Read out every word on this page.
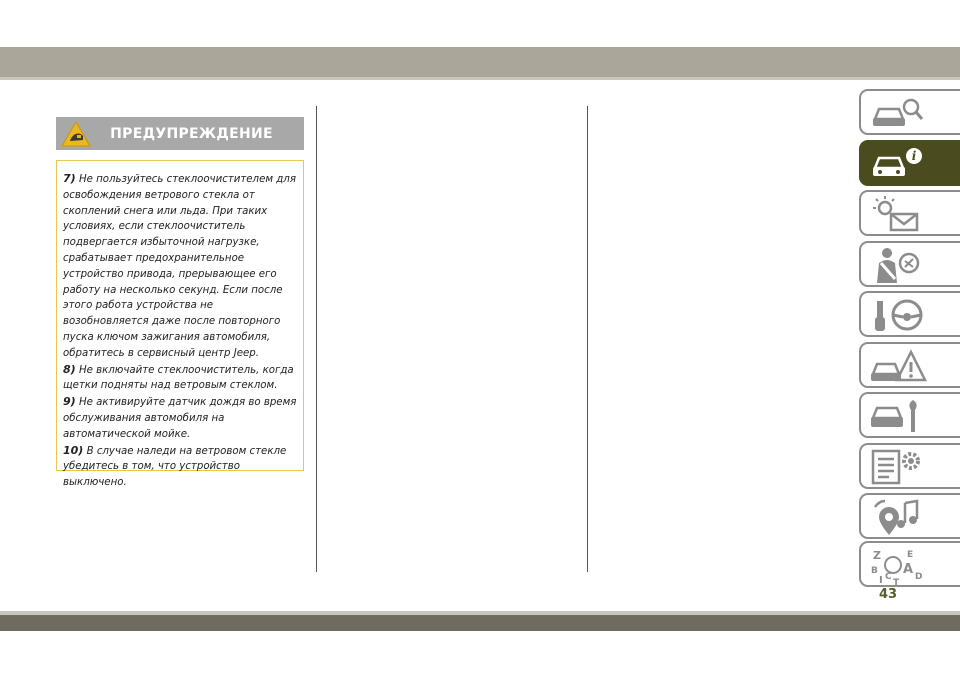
ПРЕДУПРЕЖДЕНИЕ

7) Не пользуйтесь стеклоочистителем для освобождения ветрового стекла от скоплений снега или льда. При таких условиях, если стеклоочиститель подвергается избыточной нагрузке, срабатывает предохранительное устройство привода, прерывающее его работу на несколько секунд. Если после этого работа устройства не возобновляется даже после повторного пуска ключом зажигания автомобиля, обратитесь в сервисный центр Jeep.

8) Не включайте стеклоочиститель, когда щетки подняты над ветровым стеклом.

9) Не активируйте датчик дождя во время обслуживания автомобиля на автоматической мойке.

10) В случае наледи на ветровом стекле убедитесь в том, что устройство выключено.

i
Z	E
B A
I C
T
D
43
